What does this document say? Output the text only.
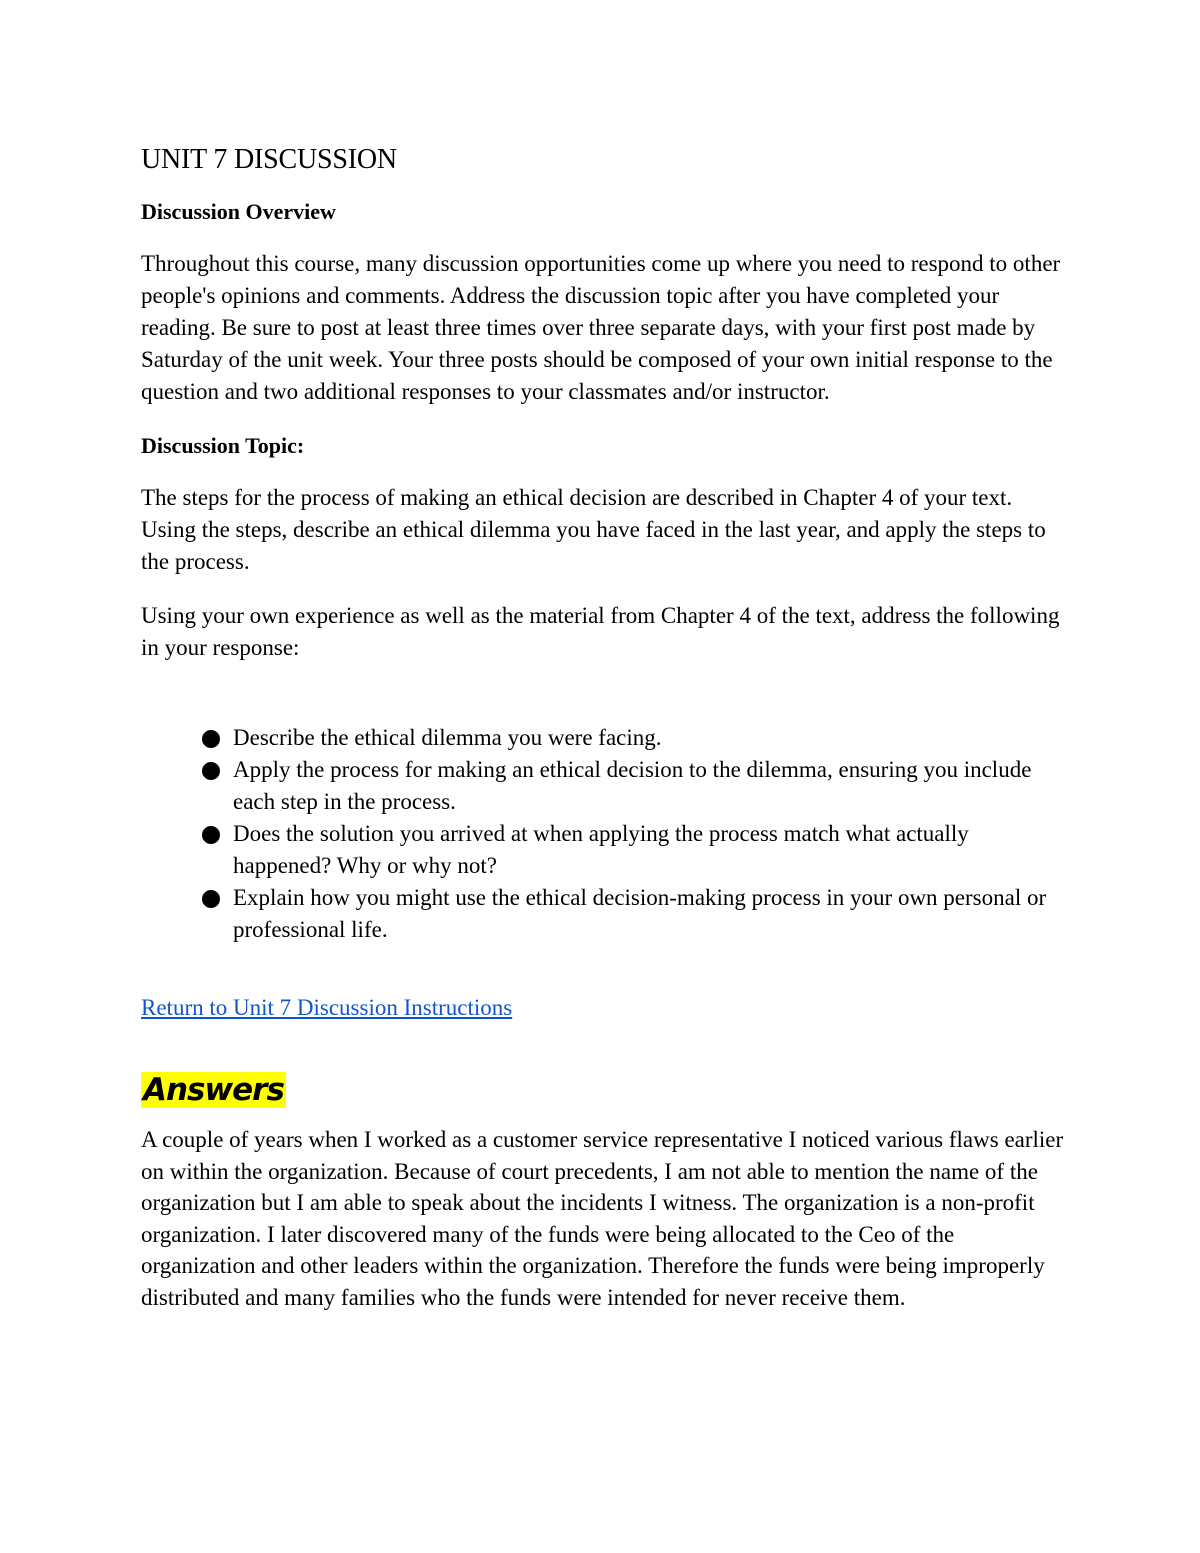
UNIT 7 DISCUSSION
Discussion Overview

Throughout this course, many discussion opportunities come up where you need to respond to other people's opinions and comments. Address the discussion topic after you have completed your reading. Be sure to post at least three times over three separate days, with your first post made by Saturday of the unit week. Your three posts should be composed of your own initial response to the question and two additional responses to your classmates and/or instructor.

Discussion Topic:

The steps for the process of making an ethical decision are described in Chapter 4 of your text. Using the steps, describe an ethical dilemma you have faced in the last year, and apply the steps to the process.

Using your own experience as well as the material from Chapter 4 of the text, address the following in your response:

Describe the ethical dilemma you were facing.
Apply the process for making an ethical decision to the dilemma, ensuring you include each step in the process.
Does the solution you arrived at when applying the process match what actually happened? Why or why not?
Explain how you might use the ethical decision-making process in your own personal or professional life.
Return to Unit 7 Discussion Instructions
Answers

A couple of years when I worked as a customer service representative I noticed various flaws earlier on within the organization. Because of court precedents, I am not able to mention the name of the organization but I am able to speak about the incidents I witness. The organization is a non-profit organization. I later discovered many of the funds were being allocated to the Ceo of the organization and other leaders within the organization. Therefore the funds were being improperly distributed and many families who the funds were intended for never receive them.
